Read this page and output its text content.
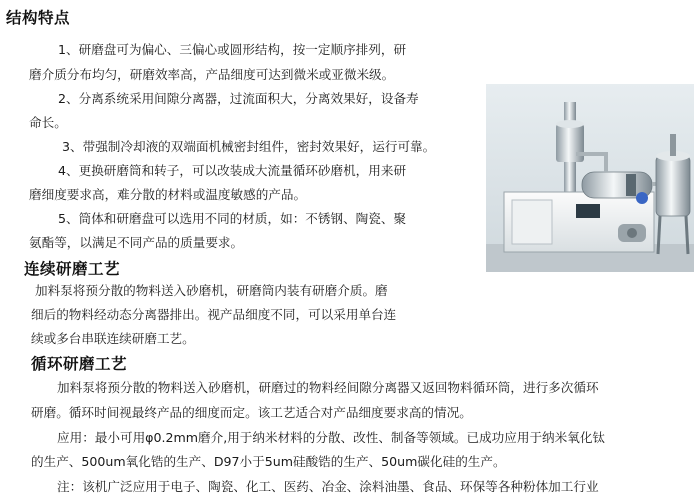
结构特点
1、研磨盘可为偏心、三偏心或圆形结构，按一定顺序排列，研
磨介质分布均匀，研磨效率高，产品细度可达到微米或亚微米级。
2、分离系统采用间隙分离器，过流面积大，分离效果好，设备寿
命长。
3、带强制冷却液的双端面机械密封组件，密封效果好，运行可靠。
4、更换研磨筒和转子，可以改装成大流量循环砂磨机，用来研
磨细度要求高，难分散的材料或温度敏感的产品。
5、筒体和研磨盘可以选用不同的材质，如：不锈钢、陶瓷、聚
氨酯等，以满足不同产品的质量要求。
连续研磨工艺
加料泵将预分散的物料送入砂磨机，研磨筒内装有研磨介质。磨
细后的物料经动态分离器排出。视产品细度不同，可以采用单台连
续或多台串联连续研磨工艺。
循环研磨工艺
加料泵将预分散的物料送入砂磨机，研磨过的物料经间隙分离器又返回物料循环筒，进行多次循环
研磨。循环时间视最终产品的细度而定。该工艺适合对产品细度要求高的情况。
应用：最小可用φ0.2mm磨介,用于纳米材料的分散、改性、制备等领域。已成功应用于纳米氧化钛
的生产、500um氧化锆的生产、D97小于5um硅酸锆的生产、50um碳化硅的生产。
注：该机广泛应用于电子、陶瓷、化工、医药、冶金、涂料油墨、食品、环保等各种粉体加工行业
